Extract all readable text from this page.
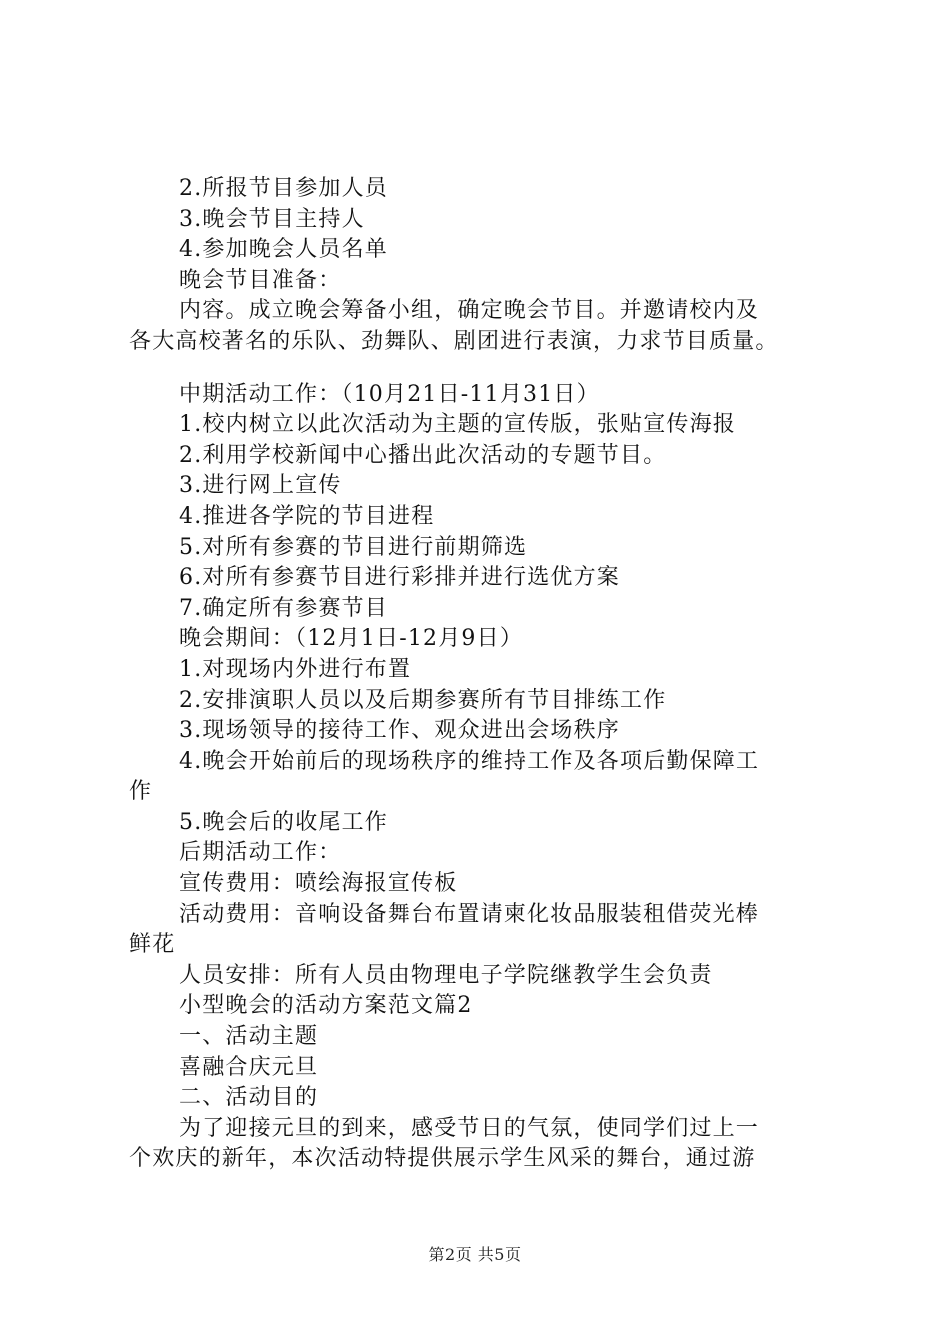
2.所报节目参加人员

3.晚会节目主持人

4.参加晚会人员名单

晚会节目准备：

内容。成立晚会筹备小组，确定晚会节目。并邀请校内及

各大高校著名的乐队、劲舞队、剧团进行表演，力求节目质量。

中期活动工作：（10月21日-11月31日）

1.校内树立以此次活动为主题的宣传版，张贴宣传海报

2.利用学校新闻中心播出此次活动的专题节目。

3.进行网上宣传

4.推进各学院的节目进程

5.对所有参赛的节目进行前期筛选

6.对所有参赛节目进行彩排并进行选优方案

7.确定所有参赛节目

晚会期间：（12月1日-12月9日）

1.对现场内外进行布置

2.安排演职人员以及后期参赛所有节目排练工作

3.现场领导的接待工作、观众进出会场秩序

4.晚会开始前后的现场秩序的维持工作及各项后勤保障工

作

5.晚会后的收尾工作

后期活动工作：

宣传费用：喷绘海报宣传板

活动费用：音响设备舞台布置请柬化妆品服装租借荧光棒

鲜花

人员安排：所有人员由物理电子学院继教学生会负责

小型晚会的活动方案范文篇2

一、活动主题

喜融合庆元旦

二、活动目的

为了迎接元旦的到来，感受节日的气氛，使同学们过上一

个欢庆的新年，本次活动特提供展示学生风采的舞台，通过游

第2页 共5页
